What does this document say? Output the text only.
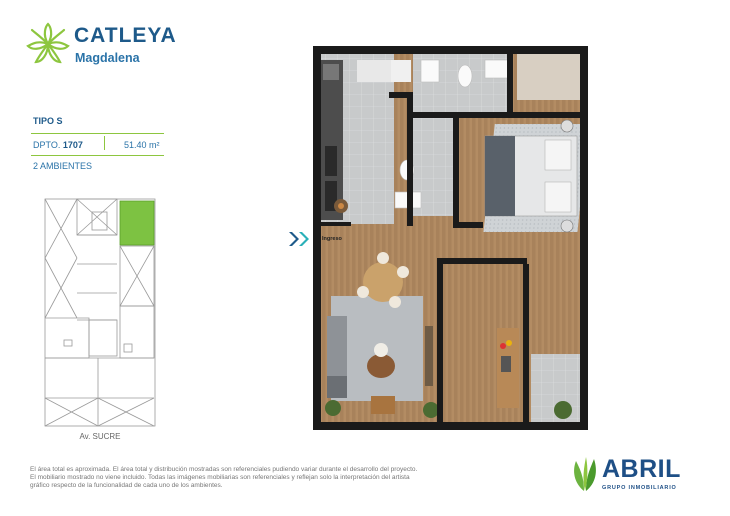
CATLEYA
Magdalena
TIPO S
DPTO. 1707	51.40 m²
2 AMBIENTES
Av. SUCRE
Ingreso
El área total es aproximada. El área total y distribución mostradas son referenciales pudiendo variar durante el desarrollo del proyecto.
El mobiliario mostrado no viene incluido. Todas las imágenes mobiliarias son referenciales y reflejan solo la interpretación del artista
gráfico respecto de la funcionalidad de cada uno de los ambientes.
ABRIL
GRUPO INMOBILIARIO
